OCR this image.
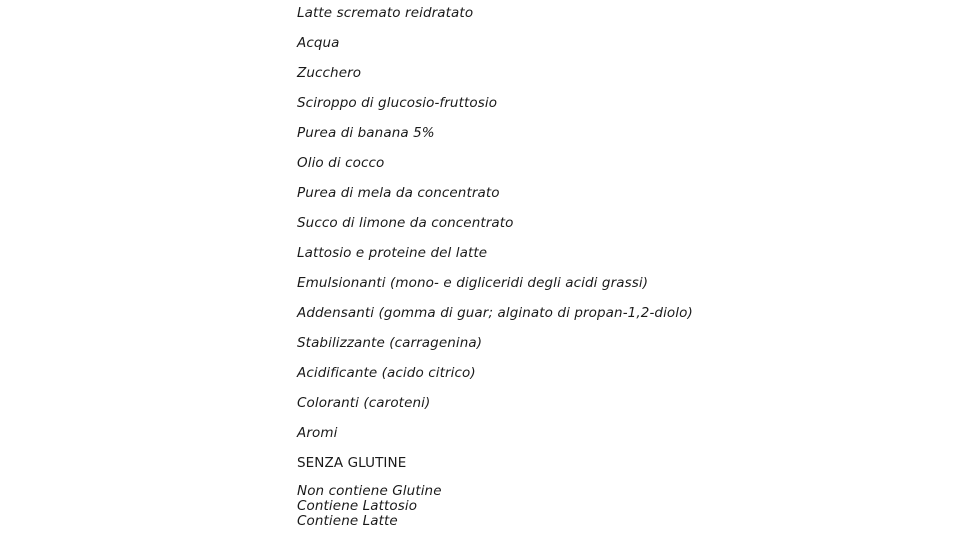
Latte scremato reidratato
Acqua
Zucchero
Sciroppo di glucosio-fruttosio
Purea di banana 5%
Olio di cocco
Purea di mela da concentrato
Succo di limone da concentrato
Lattosio e proteine del latte
Emulsionanti (mono- e digliceridi degli acidi grassi)
Addensanti (gomma di guar; alginato di propan-1,2-diolo)
Stabilizzante (carragenina)
Acidificante (acido citrico)
Coloranti (caroteni)
Aromi
SENZA GLUTINE
Non contiene Glutine
Contiene Lattosio
Contiene Latte
